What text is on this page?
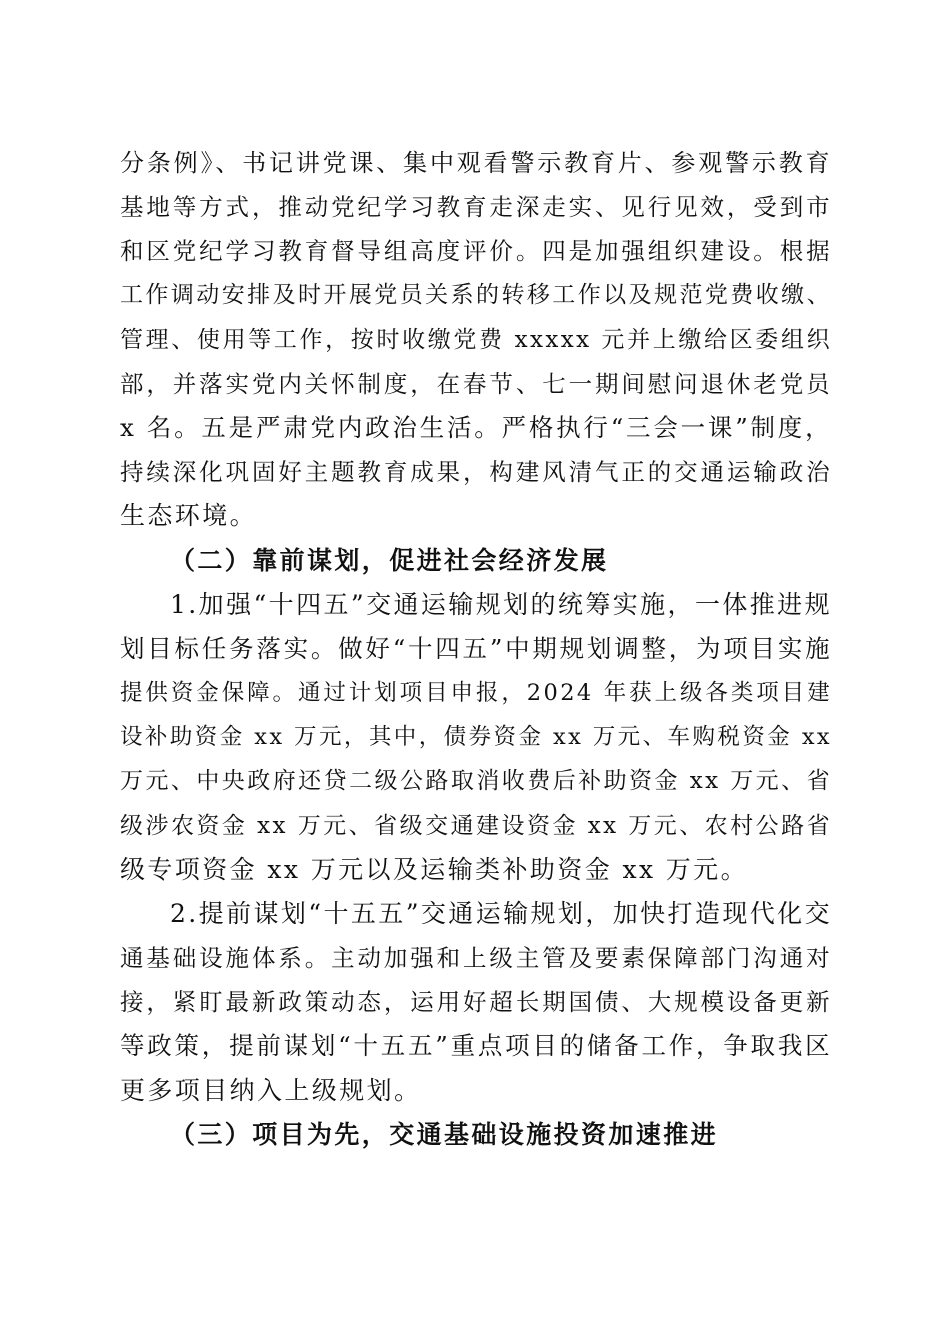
分条例》、书记讲党课、集中观看警示教育片、参观警示教育
基地等方式，推动党纪学习教育走深走实、见行见效，受到市
和区党纪学习教育督导组高度评价。四是加强组织建设。根据
工作调动安排及时开展党员关系的转移工作以及规范党费收缴、
管理、使用等工作，按时收缴党费 xxxxx 元并上缴给区委组织
部，并落实党内关怀制度，在春节、七一期间慰问退休老党员
x 名。五是严肃党内政治生活。严格执行“三会一课”制度，
持续深化巩固好主题教育成果，构建风清气正的交通运输政治
生态环境。
（二）靠前谋划，促进社会经济发展
1.加强“十四五”交通运输规划的统筹实施，一体推进规
划目标任务落实。做好“十四五”中期规划调整，为项目实施
提供资金保障。通过计划项目申报，2024 年获上级各类项目建
设补助资金 xx 万元，其中，债券资金 xx 万元、车购税资金 xx
万元、中央政府还贷二级公路取消收费后补助资金 xx 万元、省
级涉农资金 xx 万元、省级交通建设资金 xx 万元、农村公路省
级专项资金 xx 万元以及运输类补助资金 xx 万元。
2.提前谋划“十五五”交通运输规划，加快打造现代化交
通基础设施体系。主动加强和上级主管及要素保障部门沟通对
接，紧盯最新政策动态，运用好超长期国债、大规模设备更新
等政策，提前谋划“十五五”重点项目的储备工作，争取我区
更多项目纳入上级规划。
（三）项目为先，交通基础设施投资加速推进
